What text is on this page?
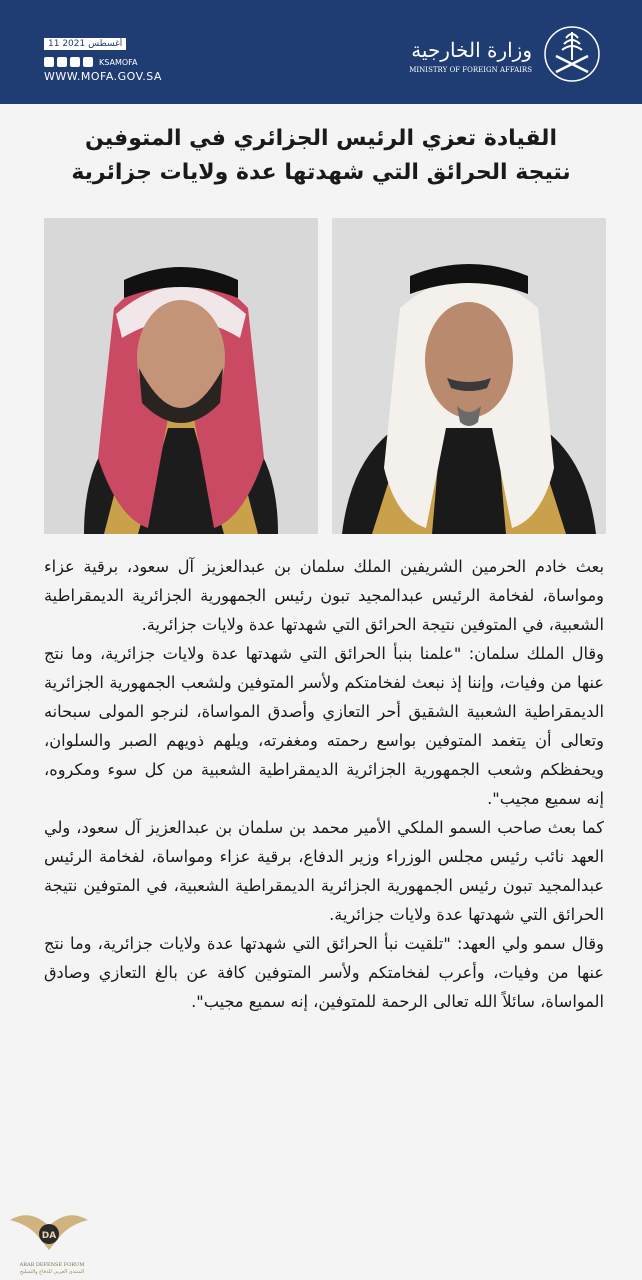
11 أغسطس 2021
KSAMOFA
WWW.MOFA.GOV.SA
وزارة الخارجية
MINISTRY OF FOREIGN AFFAIRS
القيادة تعزي الرئيس الجزائري في المتوفين
نتيجة الحرائق التي شهدتها عدة ولايات جزائرية

بعث خادم الحرمين الشريفين الملك سلمان بن عبدالعزيز آل سعود، برقية عزاء ومواساة، لفخامة الرئيس عبدالمجيد تبون رئيس الجمهورية الجزائرية الديمقراطية الشعبية، في المتوفين نتيجة الحرائق التي شهدتها عدة ولايات جزائرية.

وقال الملك سلمان: "علمنا بنبأ الحرائق التي شهدتها عدة ولايات جزائرية، وما نتج عنها من وفيات، وإننا إذ نبعث لفخامتكم ولأسر المتوفين ولشعب الجمهورية الجزائرية الديمقراطية الشعبية الشقيق أحر التعازي وأصدق المواساة، لنرجو المولى سبحانه وتعالى أن يتغمد المتوفين بواسع رحمته ومغفرته، ويلهم ذويهم الصبر والسلوان، ويحفظكم وشعب الجمهورية الجزائرية الديمقراطية الشعبية من كل سوء ومكروه، إنه سميع مجيب".

كما بعث صاحب السمو الملكي الأمير محمد بن سلمان بن عبدالعزيز آل سعود، ولي العهد نائب رئيس مجلس الوزراء وزير الدفاع، برقية عزاء ومواساة، لفخامة الرئيس عبدالمجيد تبون رئيس الجمهورية الجزائرية الديمقراطية الشعبية، في المتوفين نتيجة الحرائق التي شهدتها عدة ولايات جزائرية.

وقال سمو ولي العهد: "تلقيت نبأ الحرائق التي شهدتها عدة ولايات جزائرية، وما نتج عنها من وفيات، وأعرب لفخامتكم ولأسر المتوفين كافة عن بالغ التعازي وصادق المواساة، سائلاً الله تعالى الرحمة للمتوفين، إنه سميع مجيب".

DA
ARAB DEFENSE FORUM
المنتدى العربي للدفاع والتسليح
